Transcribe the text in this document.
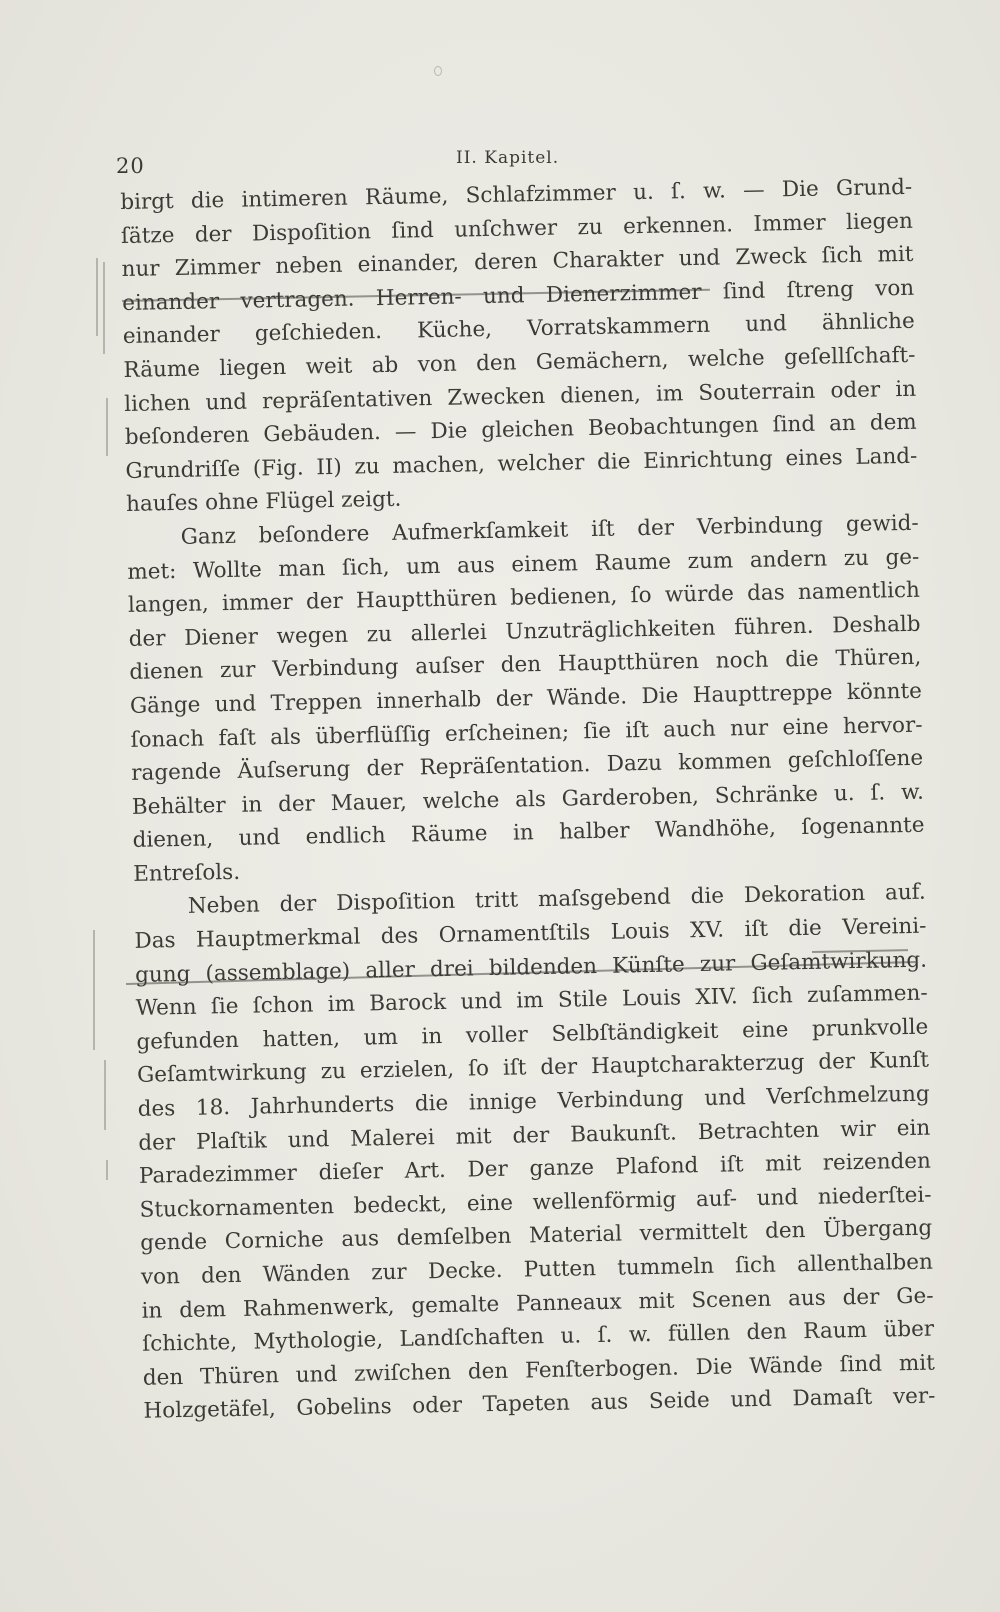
20	II. Kapitel.
birgt die intimeren Räume, Schlafzimmer u. ſ. w. — Die Grund-
ſätze der Dispoſition ſind unſchwer zu erkennen. Immer liegen
nur Zimmer neben einander, deren Charakter und Zweck ſich mit
einander vertragen. Herren- und Dienerzimmer ſind ſtreng von
einander geſchieden. Küche, Vorratskammern und ähnliche
Räume liegen weit ab von den Gemächern, welche geſellſchaft-
lichen und repräſentativen Zwecken dienen, im Souterrain oder in
beſonderen Gebäuden. — Die gleichen Beobachtungen ſind an dem
Grundriſſe (Fig. II) zu machen, welcher die Einrichtung eines Land-
hauſes ohne Flügel zeigt.
Ganz beſondere Aufmerkſamkeit iſt der Verbindung gewid-
met: Wollte man ſich, um aus einem Raume zum andern zu ge-
langen, immer der Hauptthüren bedienen, ſo würde das namentlich
der Diener wegen zu allerlei Unzuträglichkeiten führen. Deshalb
dienen zur Verbindung auſser den Hauptthüren noch die Thüren,
Gänge und Treppen innerhalb der Wände. Die Haupttreppe könnte
ſonach faſt als überflüſſig erſcheinen; ſie iſt auch nur eine hervor-
ragende Äuſserung der Repräſentation. Dazu kommen geſchloſſene
Behälter in der Mauer, welche als Garderoben, Schränke u. ſ. w.
dienen, und endlich Räume in halber Wandhöhe, ſogenannte
Entreſols.
Neben der Dispoſition tritt maſsgebend die Dekoration auf.
Das Hauptmerkmal des Ornamentſtils Louis XV. iſt die Vereini-
gung (assemblage) aller drei bildenden Künſte zur Geſamtwirkung.
Wenn ſie ſchon im Barock und im Stile Louis XIV. ſich zuſammen-
gefunden hatten, um in voller Selbſtändigkeit eine prunkvolle
Geſamtwirkung zu erzielen, ſo iſt der Hauptcharakterzug der Kunſt
des 18. Jahrhunderts die innige Verbindung und Verſchmelzung
der Plaſtik und Malerei mit der Baukunſt. Betrachten wir ein
Paradezimmer dieſer Art. Der ganze Plafond iſt mit reizenden
Stuckornamenten bedeckt, eine wellenförmig auf- und niederſtei-
gende Corniche aus demſelben Material vermittelt den Übergang
von den Wänden zur Decke. Putten tummeln ſich allenthalben
in dem Rahmenwerk, gemalte Panneaux mit Scenen aus der Ge-
ſchichte, Mythologie, Landſchaften u. ſ. w. füllen den Raum über
den Thüren und zwiſchen den Fenſterbogen. Die Wände ſind mit
Holzgetäfel, Gobelins oder Tapeten aus Seide und Damaſt ver-
